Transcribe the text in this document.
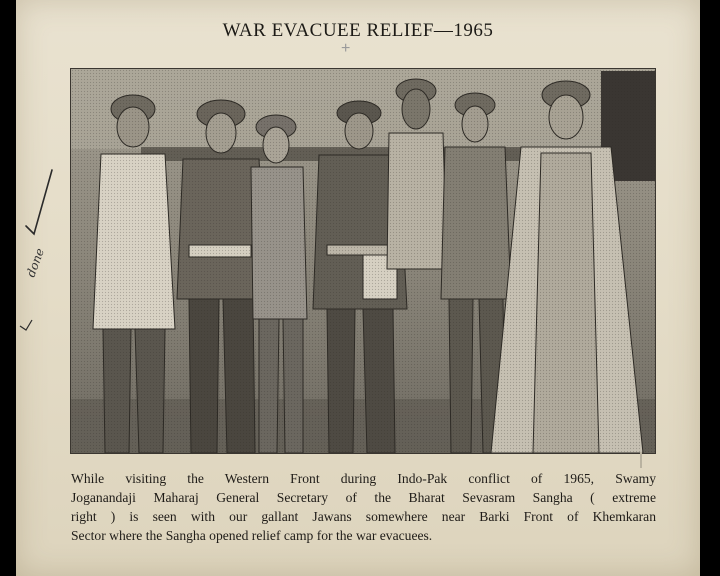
WAR EVACUEE RELIEF—1965
+
While visiting the Western Front during Indo-Pak conflict of 1965, Swamy
Joganandaji Maharaj General Secretary of the Bharat Sevasram Sangha ( extreme
right ) is seen with our gallant Jawans somewhere near Barki Front of Khemkaran
Sector where the Sangha opened relief camp for the war evacuees.
done
